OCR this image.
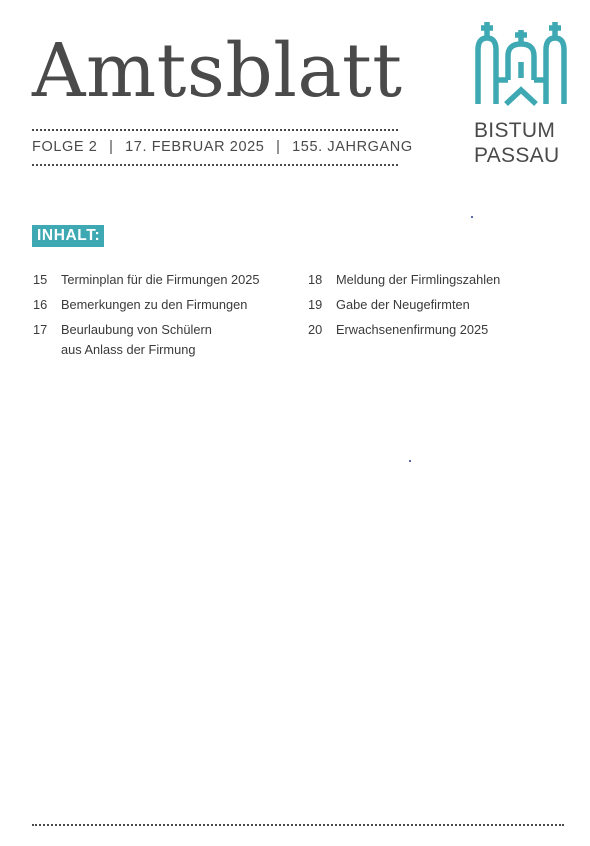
Amtsblatt
FOLGE 2 | 17. FEBRUAR 2025 | 155. JAHRGANG
BISTUM
PASSAU
INHALT:
15	Terminplan für die Firmungen 2025
16	Bemerkungen zu den Firmungen
17	Beurlaubung von Schülern
aus Anlass der Firmung
18	Meldung der Firmlingszahlen
19	Gabe der Neugefirmten
20	Erwachsenenfirmung 2025
